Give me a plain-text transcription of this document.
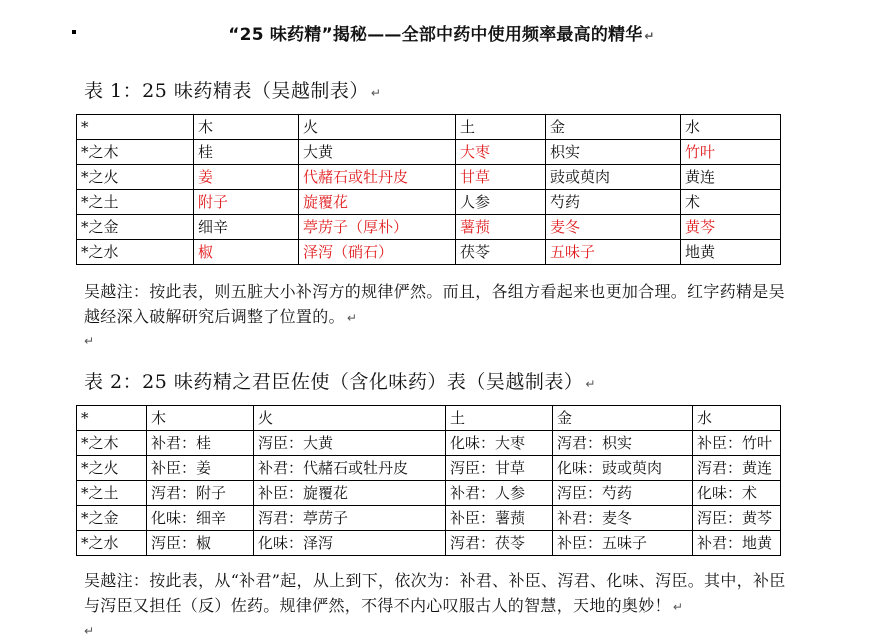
“25 味药精”揭秘——全部中药中使用频率最高的精华 ↵
表 1：25 味药精表（吴越制表） ↵
*	木	火	土	金	水
*之木	桂	大黄	大枣	枳实	竹叶
*之火	姜	代赭石或牡丹皮	甘草	豉或萸肉	黄连
*之土	附子	旋覆花	人参	芍药	术
*之金	细辛	葶苈子（厚朴）	薯蓣	麦冬	黄芩
*之水	椒	泽泻（硝石）	茯苓	五味子	地黄
吴越注：按此表，则五脏大小补泻方的规律俨然。而且，各组方看起来也更加合理。红字药精是吴越经深入破解研究后调整了位置的。 ↵
↵
表 2：25 味药精之君臣佐使（含化味药）表（吴越制表） ↵
*	木	火	土	金	水
*之木	补君：桂	泻臣：大黄	化味：大枣	泻君：枳实	补臣：竹叶
*之火	补臣：姜	补君：代赭石或牡丹皮	泻臣：甘草	化味：豉或萸肉	泻君：黄连
*之土	泻君：附子	补臣：旋覆花	补君：人参	泻臣：芍药	化味：术
*之金	化味：细辛	泻君：葶苈子	补臣：薯蓣	补君：麦冬	泻臣：黄芩
*之水	泻臣：椒	化味：泽泻	泻君：茯苓	补臣：五味子	补君：地黄
吴越注：按此表，从“补君”起，从上到下，依次为：补君、补臣、泻君、化味、泻臣。其中，补臣与泻臣又担任（反）佐药。规律俨然，不得不内心叹服古人的智慧，天地的奥妙！ ↵
↵
